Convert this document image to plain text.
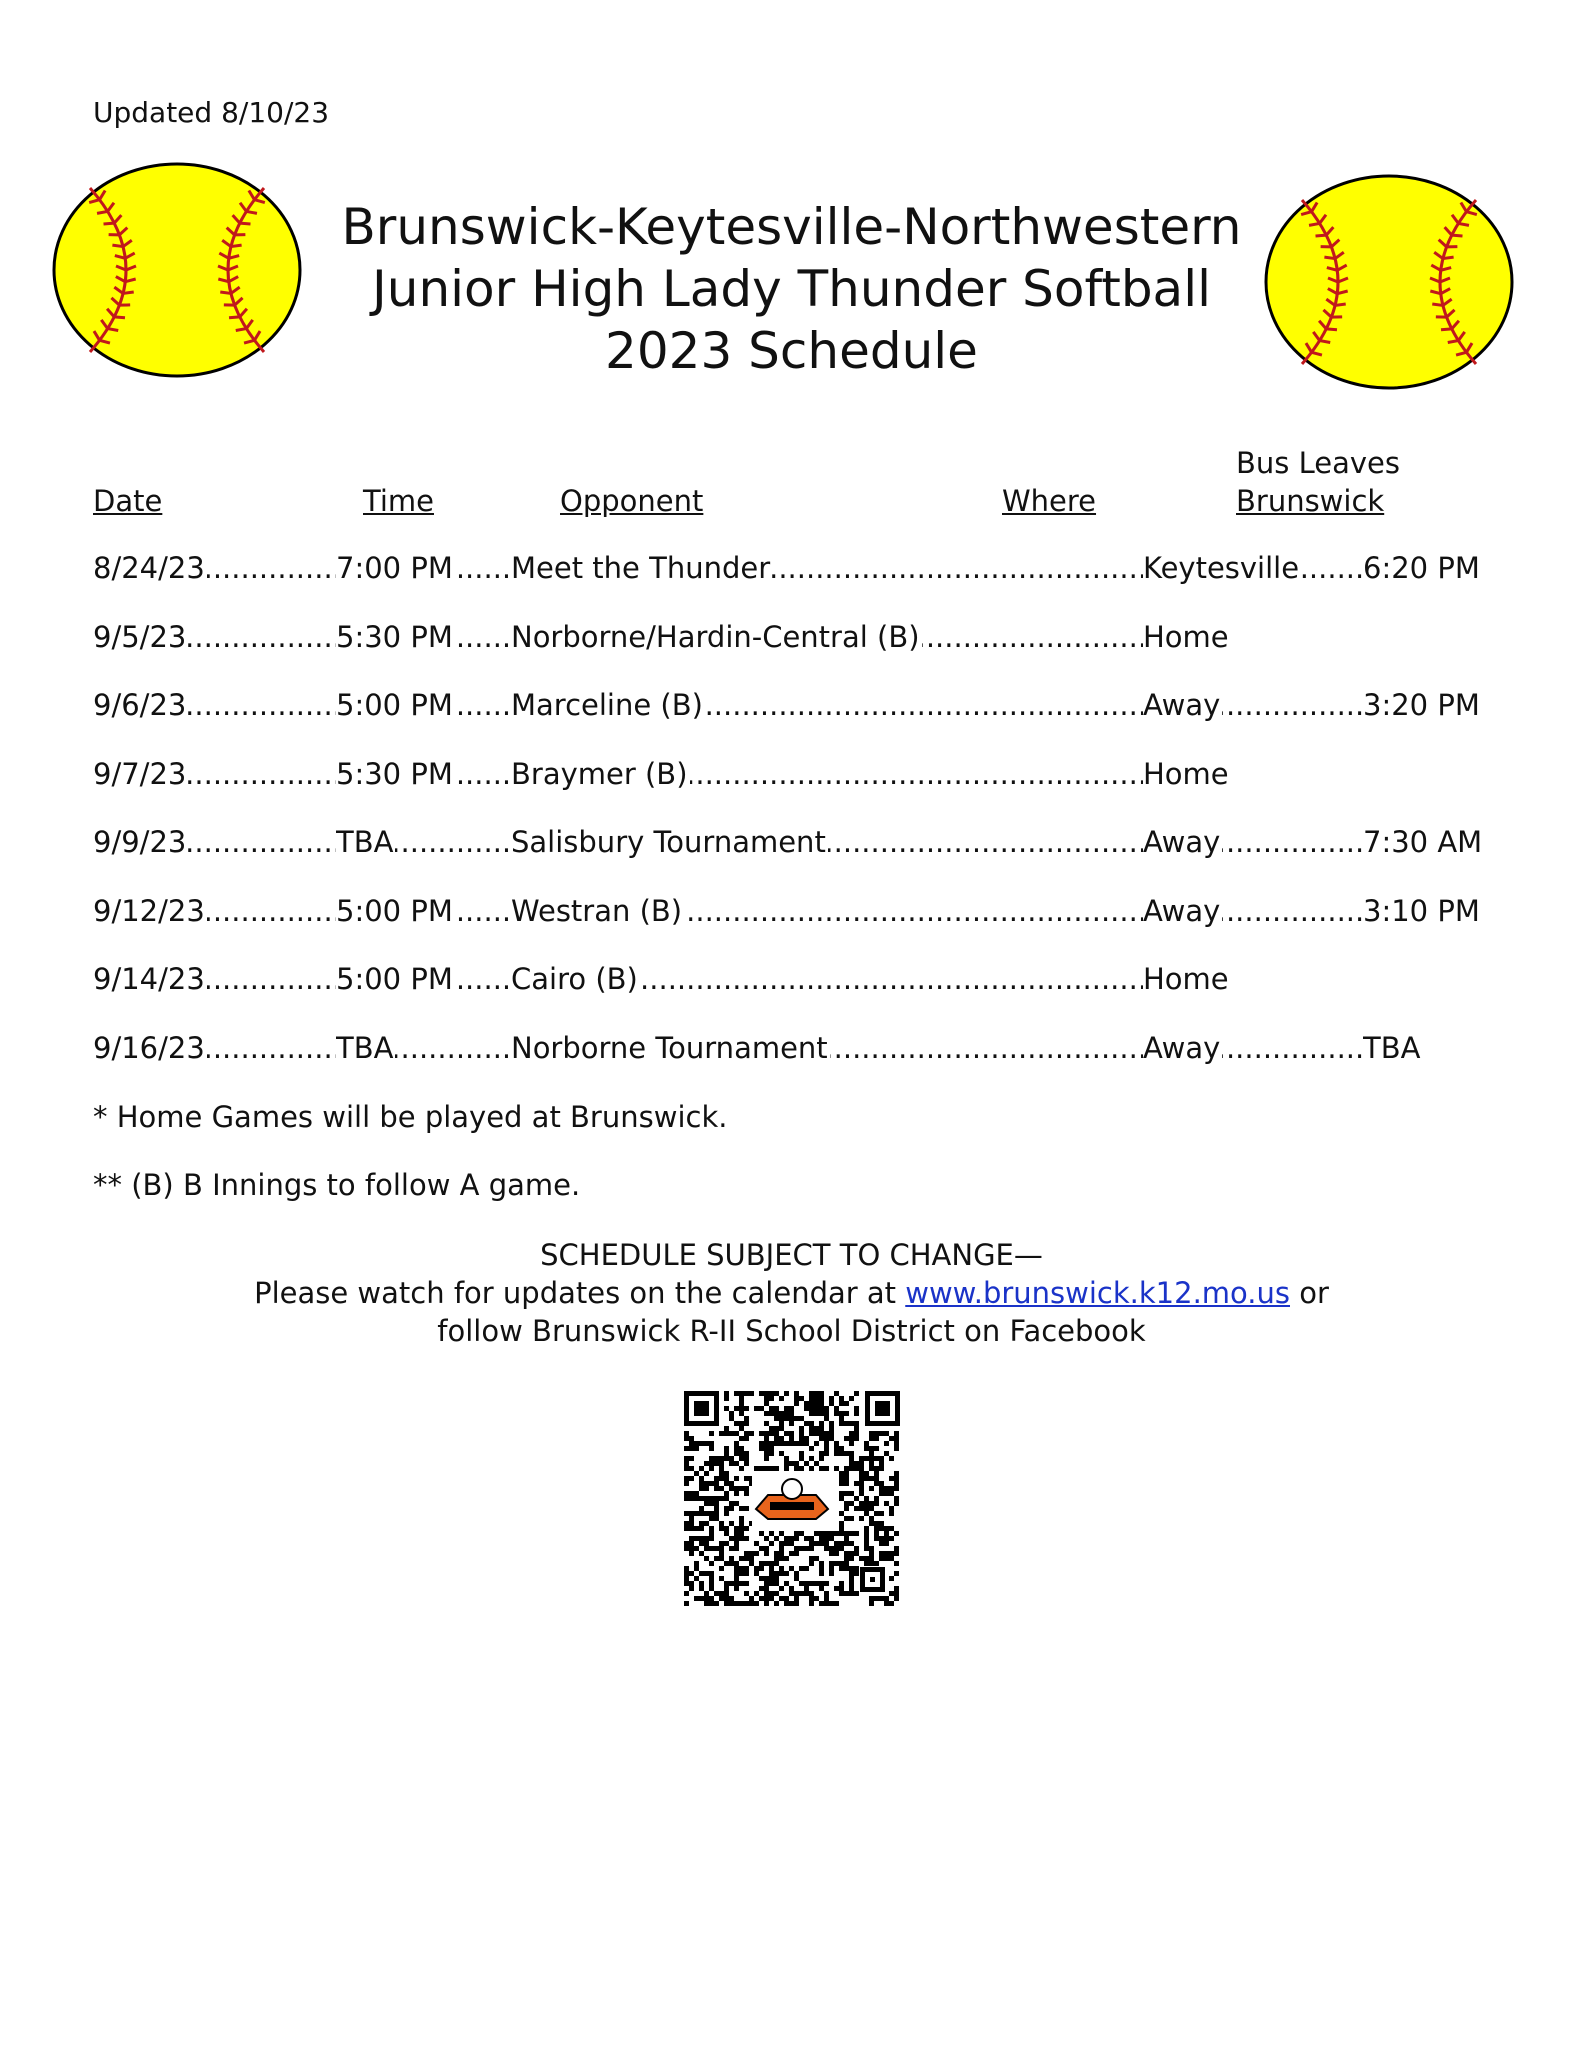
Updated 8/10/23
Brunswick-Keytesville-Northwestern
Junior High Lady Thunder Softball
2023 Schedule
Date	Time	Opponent	Where
Bus Leaves
Brunswick
8/24/23 .....	7:00 PM .....	Meet the Thunder .....	Keytesville .....	6:20 PM
9/5/23 .....	5:30 PM .....	Norborne/Hardin-Central (B) .....	Home
9/6/23 .....	5:00 PM .....	Marceline (B) .....	Away .....	3:20 PM
9/7/23 .....	5:30 PM .....	Braymer (B) .....	Home
9/9/23 .....	TBA .....	Salisbury Tournament .....	Away .....	7:30 AM
9/12/23 .....	5:00 PM .....	Westran (B) .....	Away .....	3:10 PM
9/14/23 .....	5:00 PM .....	Cairo (B) .....	Home
9/16/23 .....	TBA .....	Norborne Tournament .....	Away .....	TBA
* Home Games will be played at Brunswick.
** (B) B Innings to follow A game.
SCHEDULE SUBJECT TO CHANGE—
Please watch for updates on the calendar at www.brunswick.k12.mo.us or
follow Brunswick R-II School District on Facebook
